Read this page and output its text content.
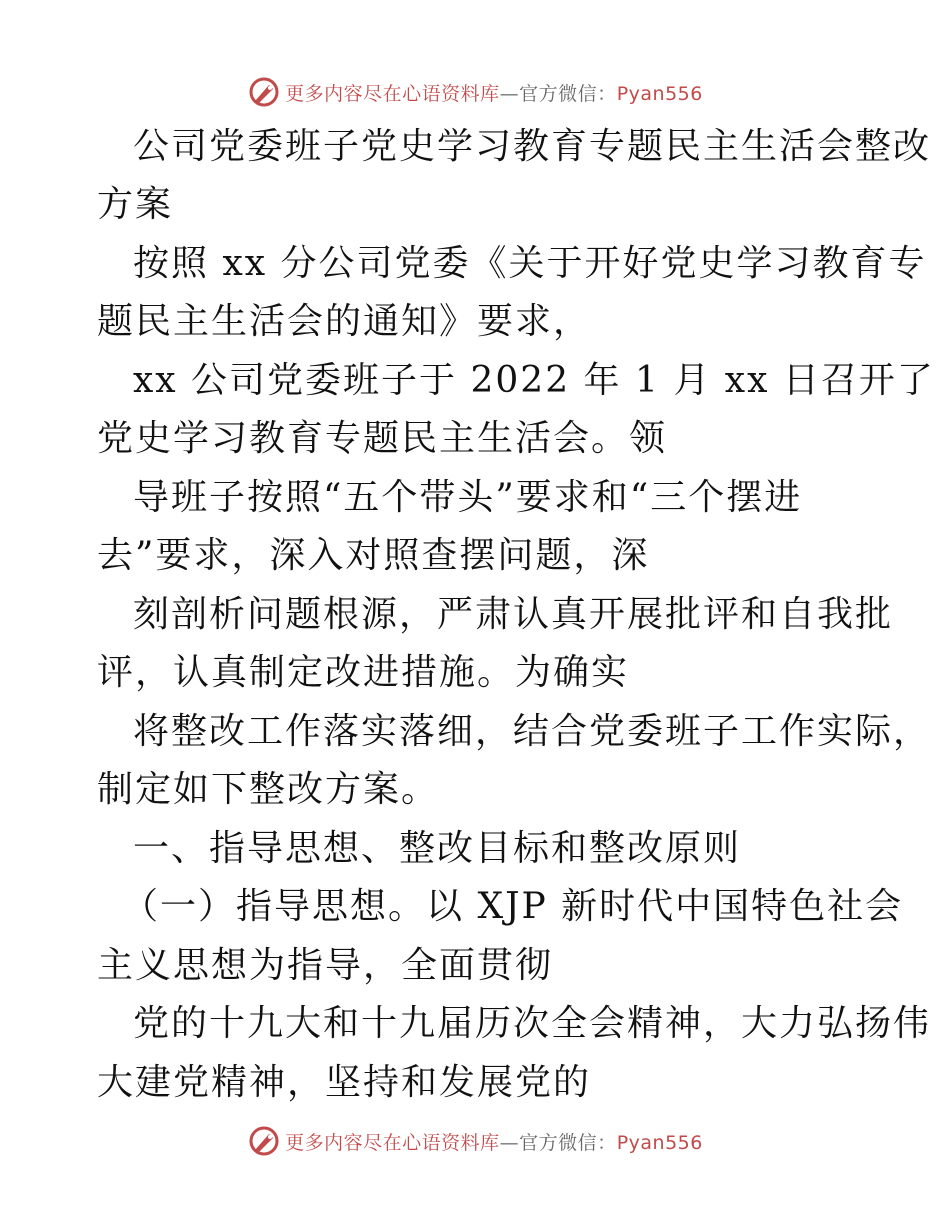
更多内容尽在心语资料库—官方微信：Pyan556
公司党委班子党史学习教育专题民主生活会整改
方案
按照 xx 分公司党委《关于开好党史学习教育专
题民主生活会的通知》要求，
xx 公司党委班子于 2022 年 1 月 xx 日召开了
党史学习教育专题民主生活会。领
导班子按照“五个带头”要求和“三个摆进
去”要求，深入对照查摆问题，深
刻剖析问题根源，严肃认真开展批评和自我批
评，认真制定改进措施。为确实
将整改工作落实落细，结合党委班子工作实际，
制定如下整改方案。
一、指导思想、整改目标和整改原则
（一）指导思想。以 XJP 新时代中国特色社会
主义思想为指导，全面贯彻
党的十九大和十九届历次全会精神，大力弘扬伟
大建党精神，坚持和发展党的
更多内容尽在心语资料库—官方微信：Pyan556
